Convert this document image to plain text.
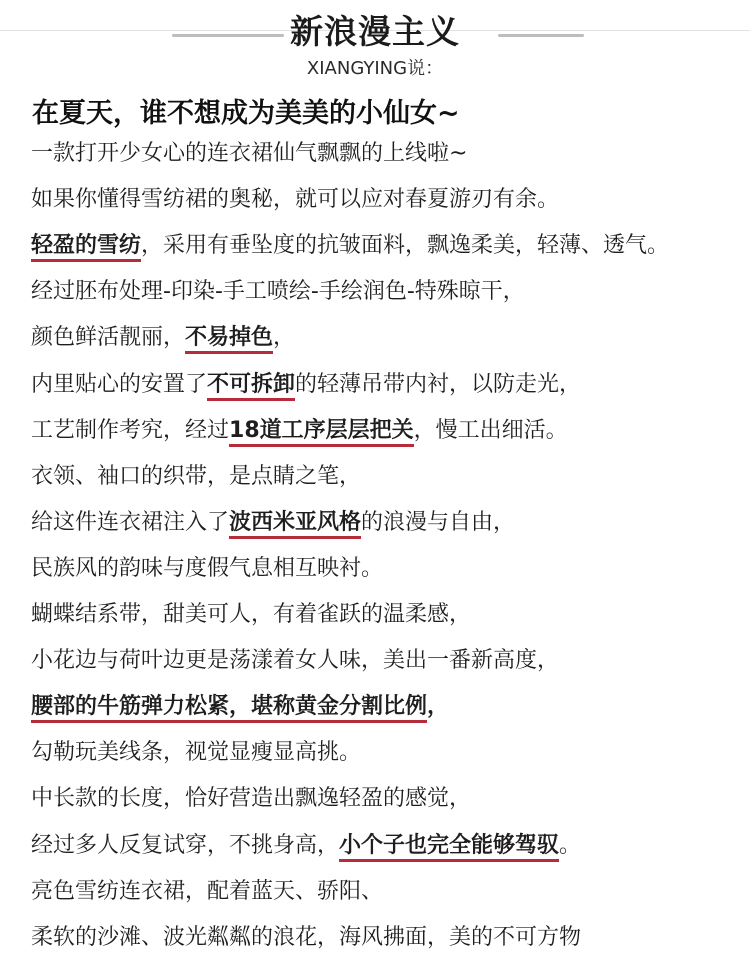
新浪漫主义
XIANGYING说：
在夏天，谁不想成为美美的小仙女~
一款打开少女心的连衣裙仙气飘飘的上线啦~
如果你懂得雪纺裙的奥秘，就可以应对春夏游刃有余。
轻盈的雪纺，采用有垂坠度的抗皱面料，飘逸柔美，轻薄、透气。
经过胚布处理-印染-手工喷绘-手绘润色-特殊晾干，
颜色鲜活靓丽，不易掉色，
内里贴心的安置了不可拆卸的轻薄吊带内衬，以防走光，
工艺制作考究，经过18道工序层层把关，慢工出细活。
衣领、袖口的织带，是点睛之笔，
给这件连衣裙注入了波西米亚风格的浪漫与自由，
民族风的韵味与度假气息相互映衬。
蝴蝶结系带，甜美可人，有着雀跃的温柔感，
小花边与荷叶边更是荡漾着女人味，美出一番新高度，
腰部的牛筋弹力松紧，堪称黄金分割比例，
勾勒玩美线条，视觉显瘦显高挑。
中长款的长度，恰好营造出飘逸轻盈的感觉，
经过多人反复试穿，不挑身高，小个子也完全能够驾驭。
亮色雪纺连衣裙，配着蓝天、骄阳、
柔软的沙滩、波光粼粼的浪花，海风拂面，美的不可方物
